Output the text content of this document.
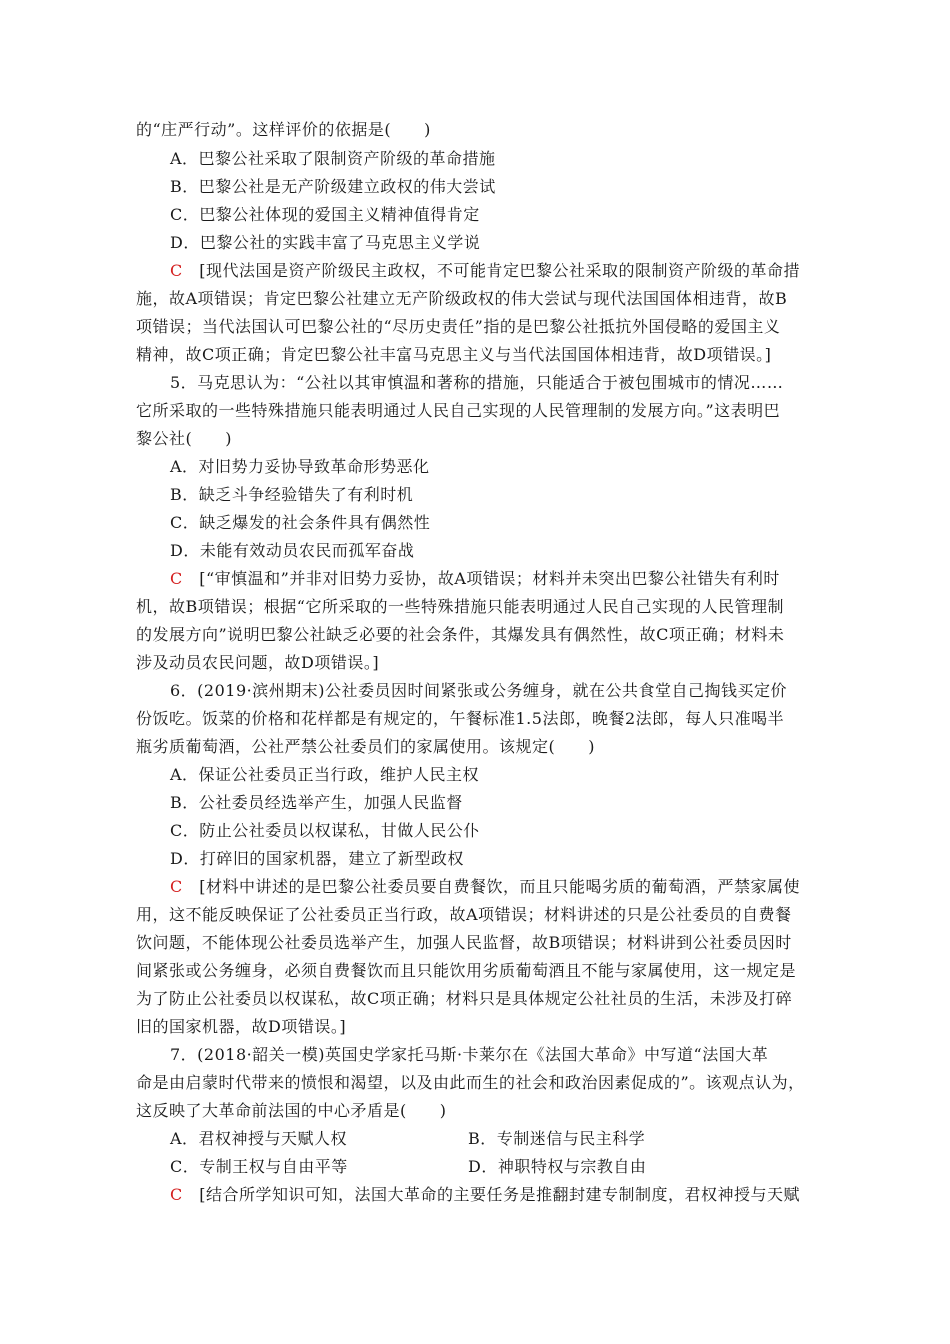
的“庄严行动”。这样评价的依据是(　　)
A．巴黎公社采取了限制资产阶级的革命措施
B．巴黎公社是无产阶级建立政权的伟大尝试
C．巴黎公社体现的爱国主义精神值得肯定
D．巴黎公社的实践丰富了马克思主义学说
C  [现代法国是资产阶级民主政权，不可能肯定巴黎公社采取的限制资产阶级的革命措
施，故A项错误；肯定巴黎公社建立无产阶级政权的伟大尝试与现代法国国体相违背，故B
项错误；当代法国认可巴黎公社的“尽历史责任”指的是巴黎公社抵抗外国侵略的爱国主义
精神，故C项正确；肯定巴黎公社丰富马克思主义与当代法国国体相违背，故D项错误。]
5．马克思认为：“公社以其审慎温和著称的措施，只能适合于被包围城市的情况……
它所采取的一些特殊措施只能表明通过人民自己实现的人民管理制的发展方向。”这表明巴
黎公社(　　)
A．对旧势力妥协导致革命形势恶化
B．缺乏斗争经验错失了有利时机
C．缺乏爆发的社会条件具有偶然性
D．未能有效动员农民而孤军奋战
C  [“审慎温和”并非对旧势力妥协，故A项错误；材料并未突出巴黎公社错失有利时
机，故B项错误；根据“它所采取的一些特殊措施只能表明通过人民自己实现的人民管理制
的发展方向”说明巴黎公社缺乏必要的社会条件，其爆发具有偶然性，故C项正确；材料未
涉及动员农民问题，故D项错误。]
6．(2019·滨州期末)公社委员因时间紧张或公务缠身，就在公共食堂自己掏钱买定价
份饭吃。饭菜的价格和花样都是有规定的，午餐标准1.5法郎，晚餐2法郎，每人只准喝半
瓶劣质葡萄酒，公社严禁公社委员们的家属使用。该规定(　　)
A．保证公社委员正当行政，维护人民主权
B．公社委员经选举产生，加强人民监督
C．防止公社委员以权谋私，甘做人民公仆
D．打碎旧的国家机器，建立了新型政权
C  [材料中讲述的是巴黎公社委员要自费餐饮，而且只能喝劣质的葡萄酒，严禁家属使
用，这不能反映保证了公社委员正当行政，故A项错误；材料讲述的只是公社委员的自费餐
饮问题，不能体现公社委员选举产生，加强人民监督，故B项错误；材料讲到公社委员因时
间紧张或公务缠身，必须自费餐饮而且只能饮用劣质葡萄酒且不能与家属使用，这一规定是
为了防止公社委员以权谋私，故C项正确；材料只是具体规定公社社员的生活，未涉及打碎
旧的国家机器，故D项错误。]
7．(2018·韶关一模)英国史学家托马斯·卡莱尔在《法国大革命》中写道“法国大革
命是由启蒙时代带来的愤恨和渴望，以及由此而生的社会和政治因素促成的”。该观点认为，
这反映了大革命前法国的中心矛盾是(　　)
A．君权神授与天赋人权	B．专制迷信与民主科学
C．专制王权与自由平等	D．神职特权与宗教自由
C  [结合所学知识可知，法国大革命的主要任务是推翻封建专制制度，君权神授与天赋
